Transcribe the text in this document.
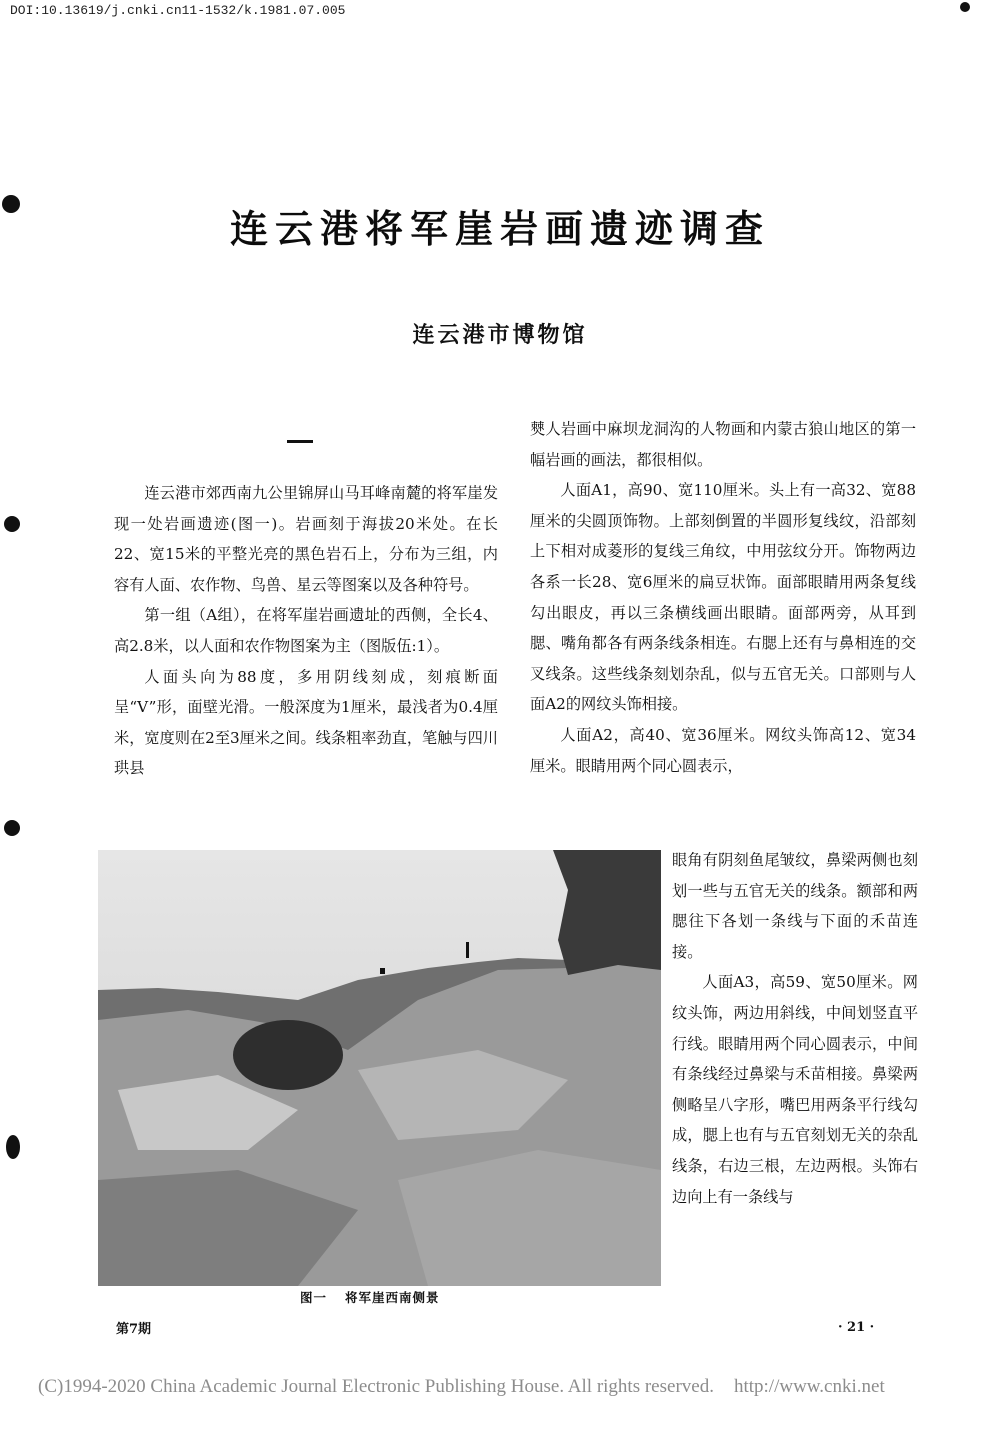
DOI:10.13619/j.cnki.cn11-1532/k.1981.07.005
连云港将军崖岩画遗迹调查
连云港市博物馆

连云港市郊西南九公里锦屏山马耳峰南麓的将军崖发现一处岩画遗迹(图一)。岩画刻于海拔20米处。在长22、宽15米的平整光亮的黑色岩石上，分布为三组，内容有人面、农作物、鸟兽、星云等图案以及各种符号。

第一组（A组），在将军崖岩画遗址的西侧，全长4、高2.8米，以人面和农作物图案为主（图版伍:1）。

人面头向为88度，多用阴线刻成，刻痕断面呈“V”形，面壁光滑。一般深度为1厘米，最浅者为0.4厘米，宽度则在2至3厘米之间。线条粗率劲直，笔触与四川珙县

僰人岩画中麻坝龙洞沟的人物画和内蒙古狼山地区的第一幅岩画的画法，都很相似。

人面A1，高90、宽110厘米。头上有一高32、宽88厘米的尖圆顶饰物。上部刻倒置的半圆形复线纹，沿部刻上下相对成菱形的复线三角纹，中用弦纹分开。饰物两边各系一长28、宽6厘米的扁豆状饰。面部眼睛用两条复线勾出眼皮，再以三条横线画出眼睛。面部两旁，从耳到腮、嘴角都各有两条线条相连。右腮上还有与鼻相连的交叉线条。这些线条刻划杂乱，似与五官无关。口部则与人面A2的网纹头饰相接。

人面A2，高40、宽36厘米。网纹头饰高12、宽34厘米。眼睛用两个同心圆表示，

眼角有阴刻鱼尾皱纹，鼻梁两侧也刻划一些与五官无关的线条。额部和两腮往下各划一条线与下面的禾苗连接。

人面A3，高59、宽50厘米。网纹头饰，两边用斜线，中间划竖直平行线。眼睛用两个同心圆表示，中间有条线经过鼻梁与禾苗相接。鼻梁两侧略呈八字形，嘴巴用两条平行线勾成，腮上也有与五官刻划无关的杂乱线条，右边三根，左边两根。头饰右边向上有一条线与

图一 将军崖西南侧景
第7期	· 21 ·
(C)1994-2020 China Academic Journal Electronic Publishing House. All rights reserved. http://www.cnki.net
